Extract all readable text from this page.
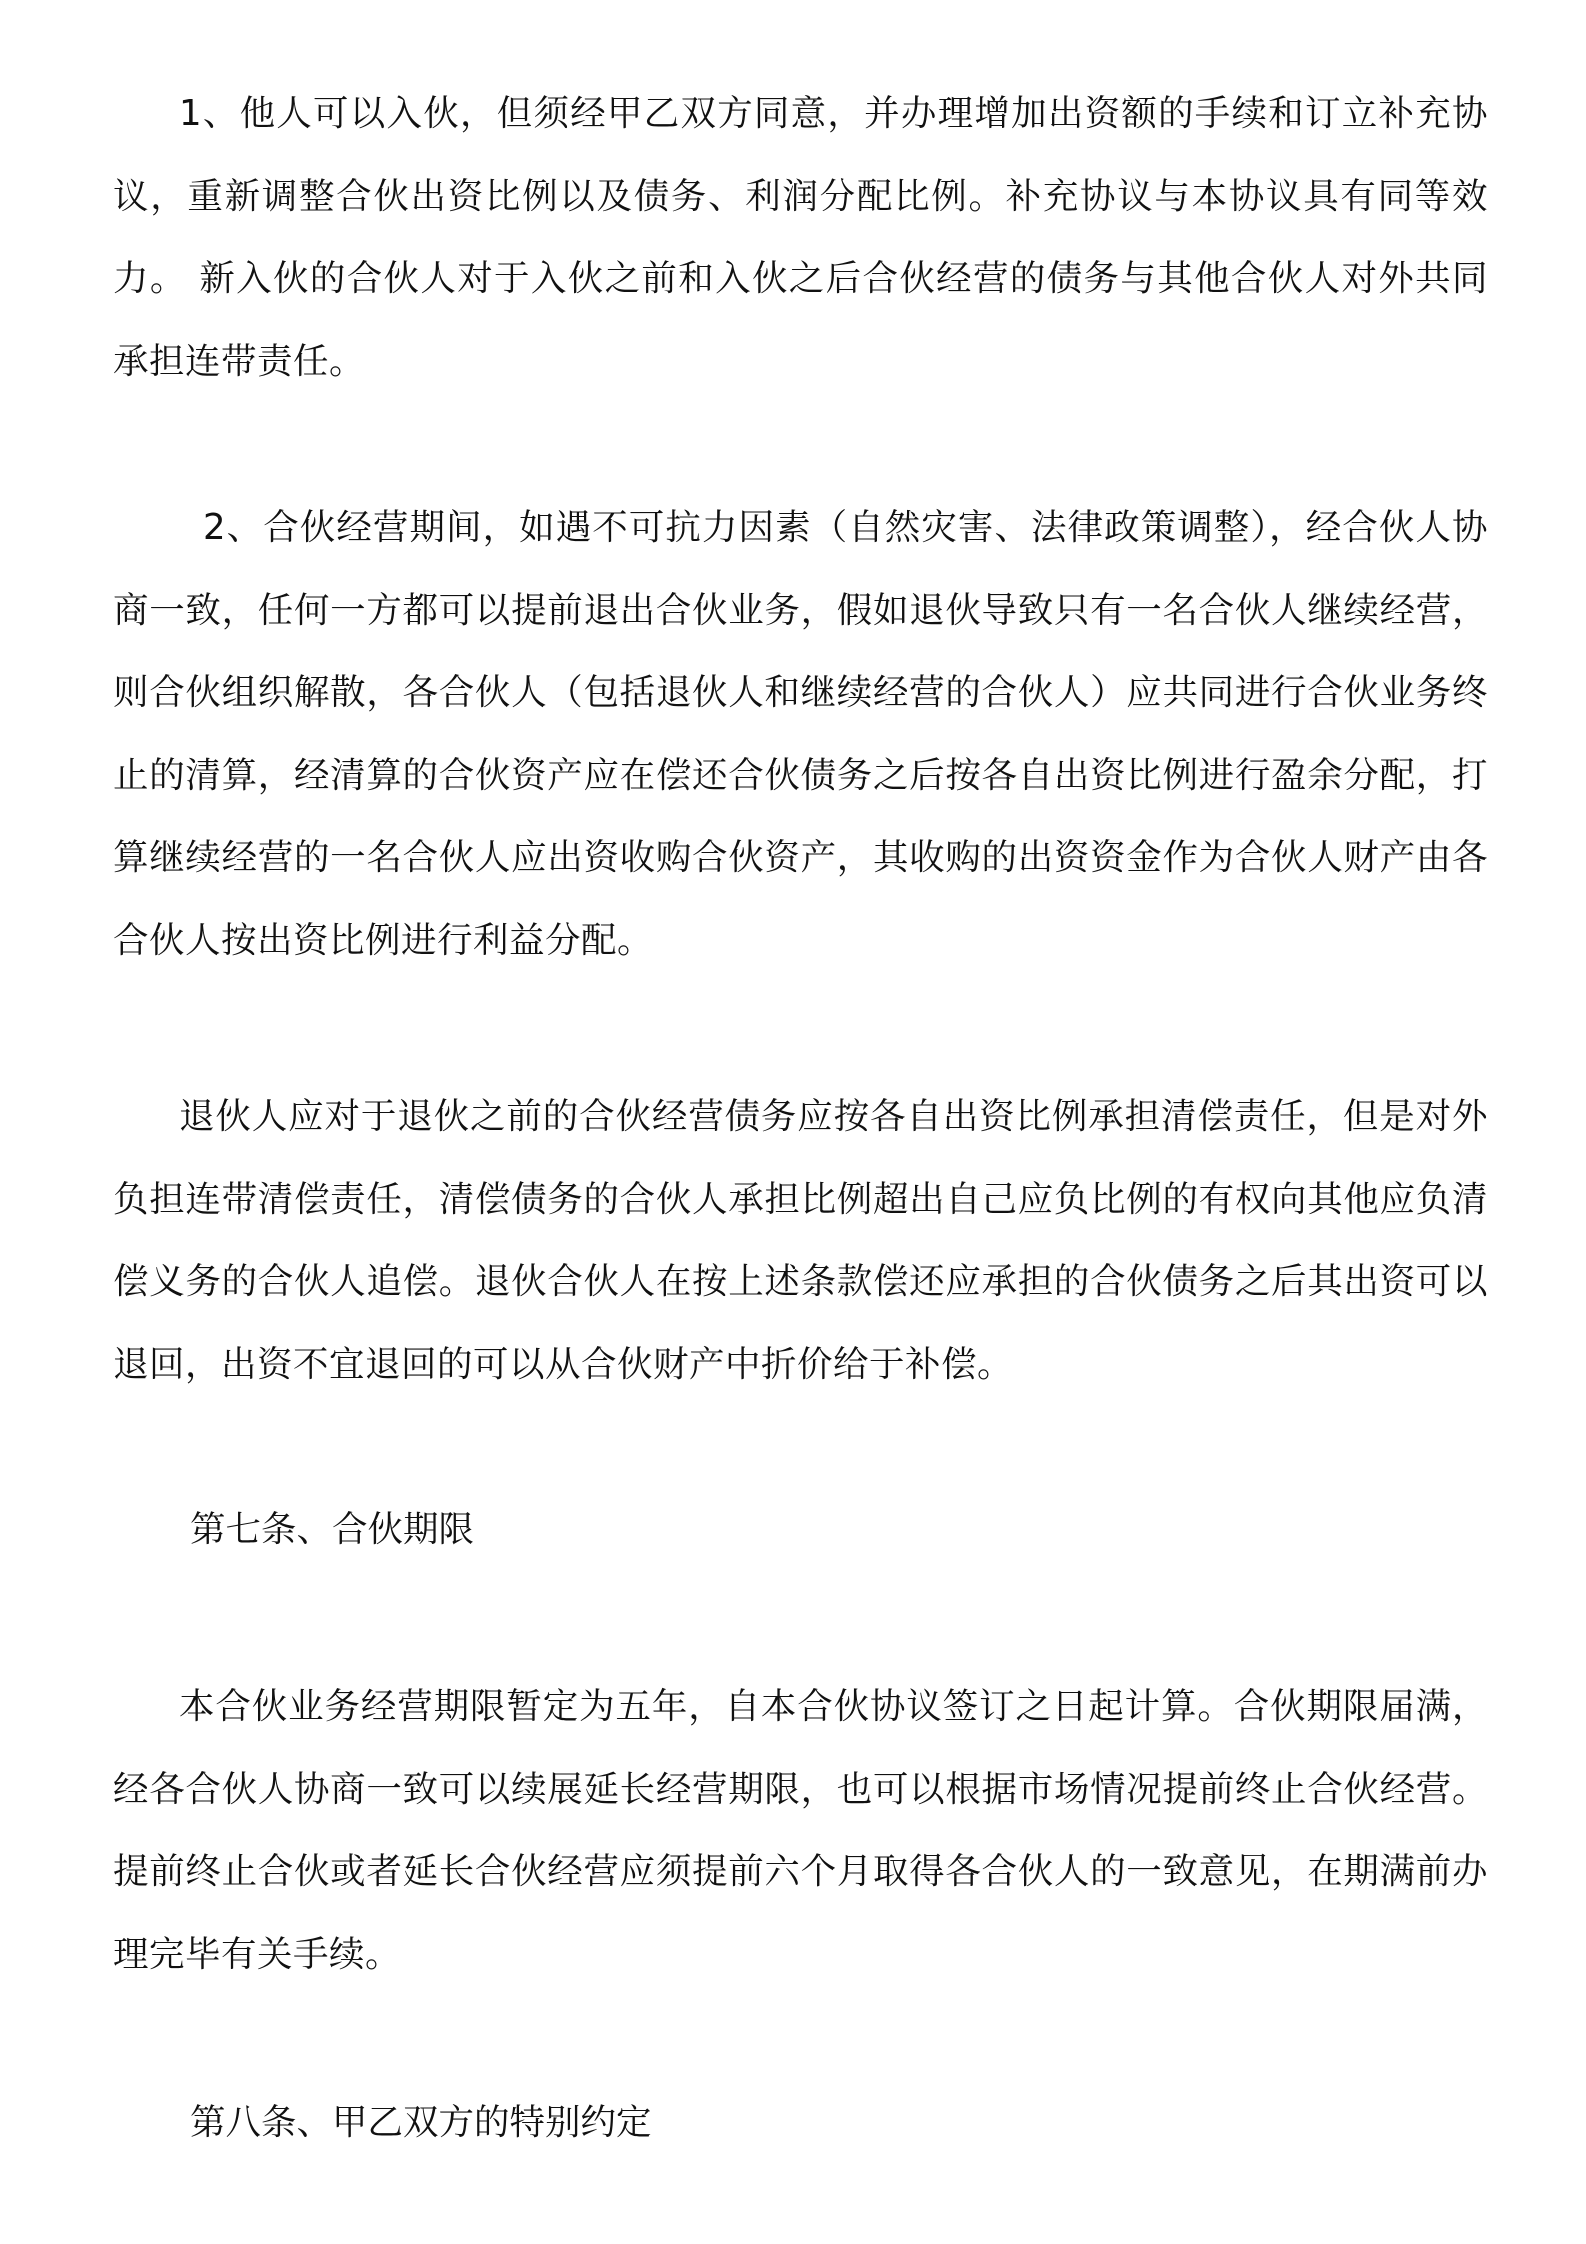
1、他人可以入伙，但须经甲乙双方同意，并办理增加出资额的手续和订立补充协议，重新调整合伙出资比例以及债务、利润分配比例。补充协议与本协议具有同等效力。 新入伙的合伙人对于入伙之前和入伙之后合伙经营的债务与其他合伙人对外共同承担连带责任。

2、合伙经营期间，如遇不可抗力因素（自然灾害、法律政策调整），经合伙人协商一致，任何一方都可以提前退出合伙业务，假如退伙导致只有一名合伙人继续经营，则合伙组织解散，各合伙人（包括退伙人和继续经营的合伙人）应共同进行合伙业务终止的清算，经清算的合伙资产应在偿还合伙债务之后按各自出资比例进行盈余分配，打算继续经营的一名合伙人应出资收购合伙资产，其收购的出资资金作为合伙人财产由各合伙人按出资比例进行利益分配。

退伙人应对于退伙之前的合伙经营债务应按各自出资比例承担清偿责任，但是对外负担连带清偿责任，清偿债务的合伙人承担比例超出自己应负比例的有权向其他应负清偿义务的合伙人追偿。退伙合伙人在按上述条款偿还应承担的合伙债务之后其出资可以退回，出资不宜退回的可以从合伙财产中折价给于补偿。

第七条、合伙期限

本合伙业务经营期限暂定为五年，自本合伙协议签订之日起计算。合伙期限届满，经各合伙人协商一致可以续展延长经营期限，也可以根据市场情况提前终止合伙经营。提前终止合伙或者延长合伙经营应须提前六个月取得各合伙人的一致意见，在期满前办理完毕有关手续。

第八条、甲乙双方的特别约定
